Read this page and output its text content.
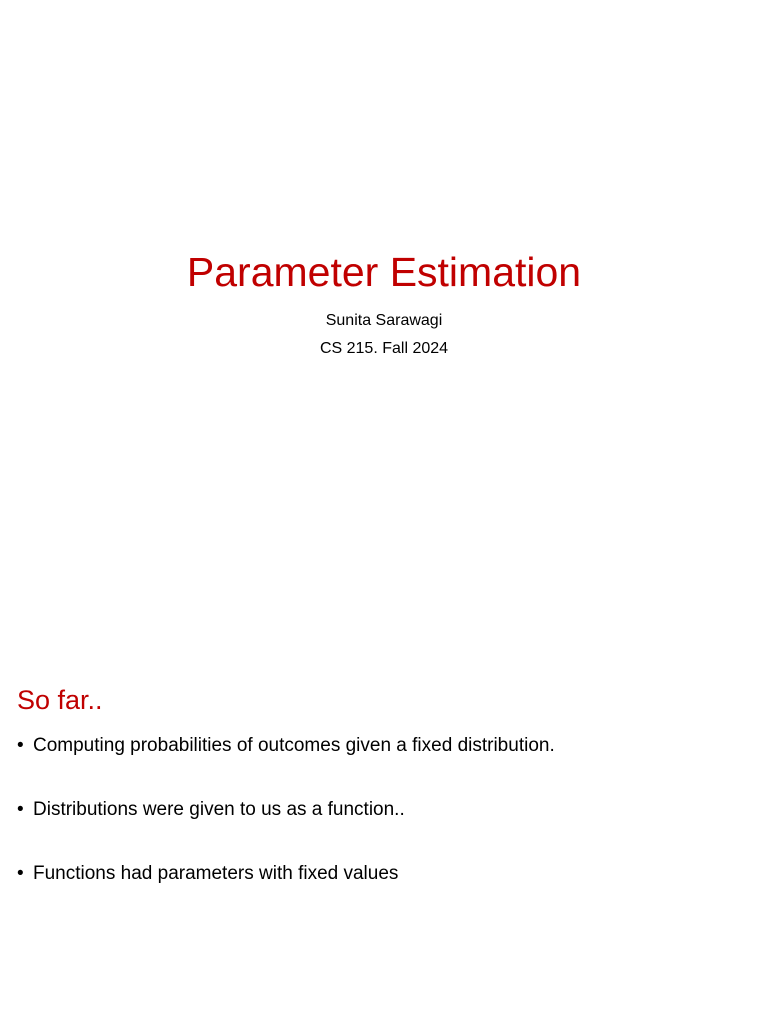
Parameter Estimation

Sunita Sarawagi

CS 215. Fall 2024

So far..
• Computing probabilities of outcomes given a fixed distribution.
• Distributions were given to us as a function..
• Functions had parameters with fixed values
